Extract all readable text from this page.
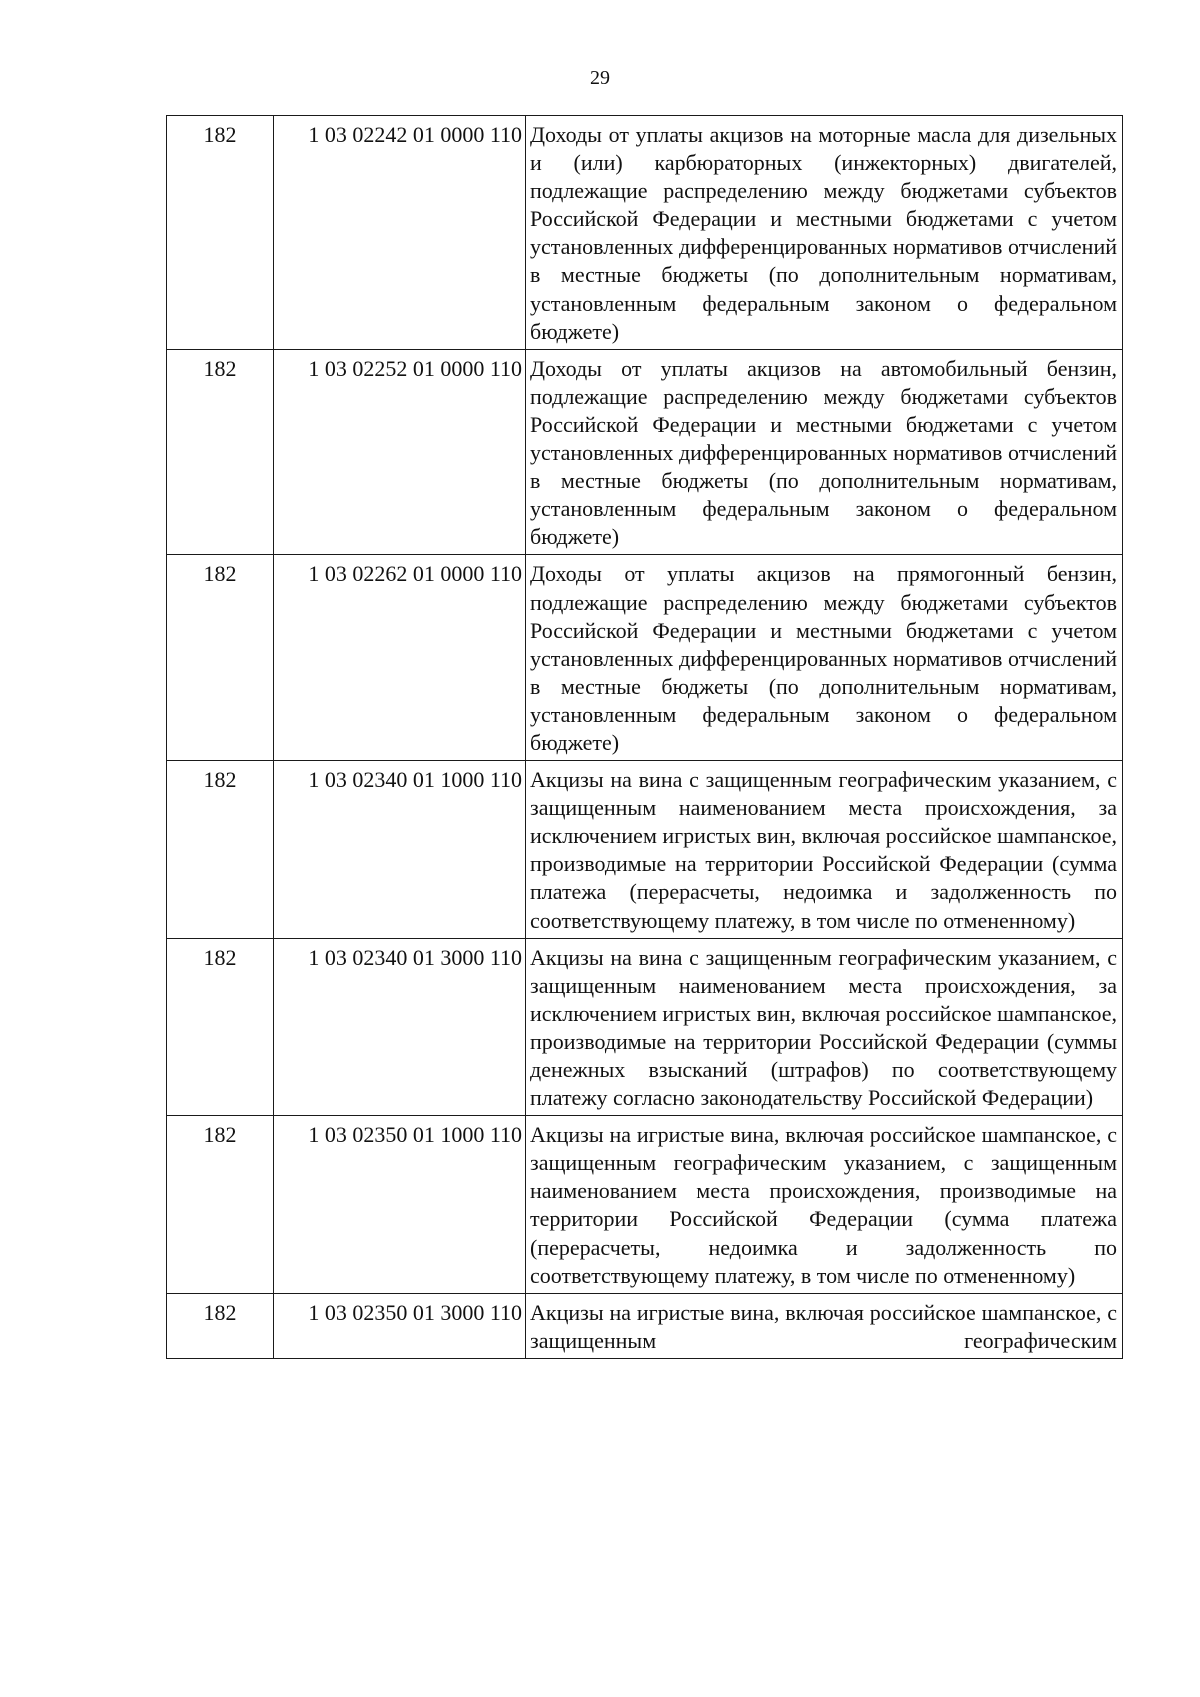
29
182	1 03 02242 01 0000 110	Доходы от уплаты акцизов на моторные масла для дизельных и (или) карбюраторных (инжекторных) двигателей, подлежащие распределению между бюджетами субъектов Российской Федерации и местными бюджетами с учетом установленных дифференцированных нормативов отчислений в местные бюджеты (по дополнительным нормативам, установленным федеральным законом о федеральном бюджете)
182	1 03 02252 01 0000 110	Доходы от уплаты акцизов на автомобильный бензин, подлежащие распределению между бюджетами субъектов Российской Федерации и местными бюджетами с учетом установленных дифференцированных нормативов отчислений в местные бюджеты (по дополнительным нормативам, установленным федеральным законом о федеральном бюджете)
182	1 03 02262 01 0000 110	Доходы от уплаты акцизов на прямогонный бензин, подлежащие распределению между бюджетами субъектов Российской Федерации и местными бюджетами с учетом установленных дифференцированных нормативов отчислений в местные бюджеты (по дополнительным нормативам, установленным федеральным законом о федеральном бюджете)
182	1 03 02340 01 1000 110	Акцизы на вина с защищенным географическим указанием, с защищенным наименованием места происхождения, за исключением игристых вин, включая российское шампанское, производимые на территории Российской Федерации (сумма платежа (перерасчеты, недоимка и задолженность по соответствующему платежу, в том числе по отмененному)
182	1 03 02340 01 3000 110	Акцизы на вина с защищенным географическим указанием, с защищенным наименованием места происхождения, за исключением игристых вин, включая российское шампанское, производимые на территории Российской Федерации (суммы денежных взысканий (штрафов) по соответствующему платежу согласно законодательству Российской Федерации)
182	1 03 02350 01 1000 110	Акцизы на игристые вина, включая российское шампанское, с защищенным географическим указанием, с защищенным наименованием места происхождения, производимые на территории Российской Федерации (сумма платежа (перерасчеты, недоимка и задолженность по соответствующему платежу, в том числе по отмененному)
182	1 03 02350 01 3000 110	Акцизы на игристые вина, включая российское шампанское, с защищенным географическим
